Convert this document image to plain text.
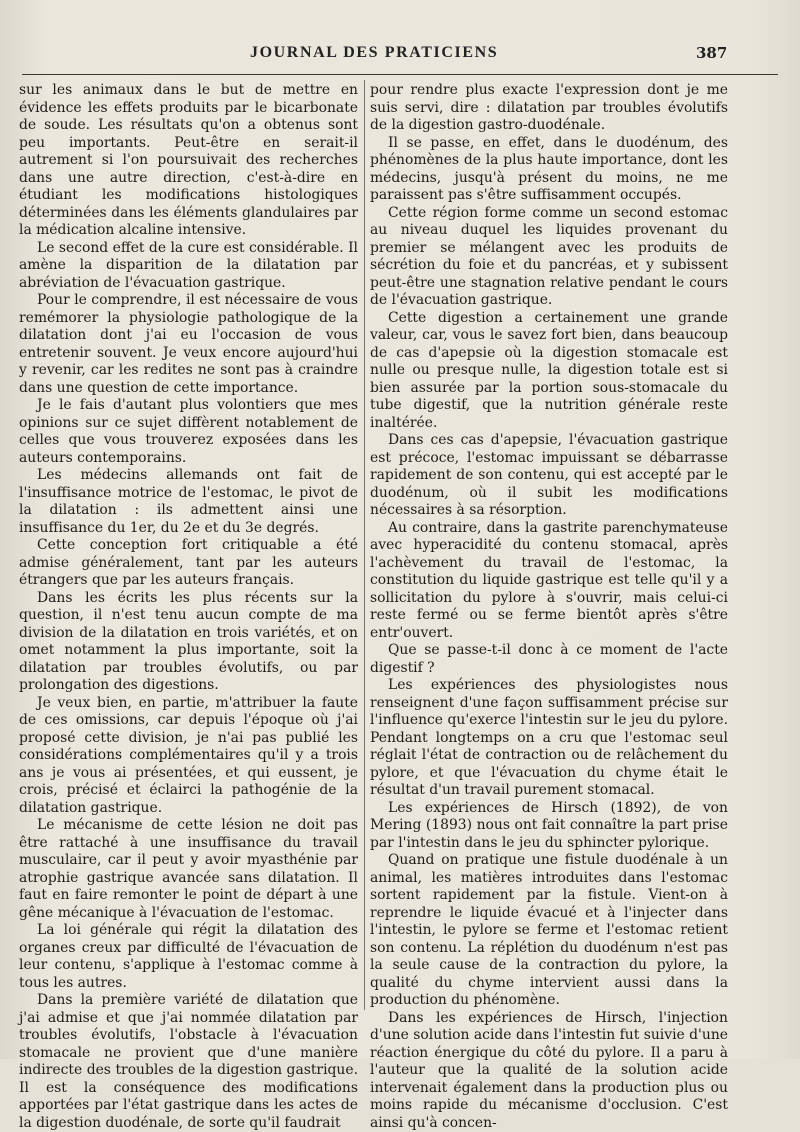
JOURNAL DES PRATICIENS	387

sur les animaux dans le but de mettre en évidence les effets produits par le bicarbonate de soude. Les résultats qu'on a obtenus sont peu importants. Peut-être en serait-il autrement si l'on poursuivait des recherches dans une autre direction, c'est-à-dire en étudiant les modifications histologiques déterminées dans les éléments glandulaires par la médication alcaline intensive.

Le second effet de la cure est considérable. Il amène la disparition de la dilatation par abréviation de l'évacuation gastrique.

Pour le comprendre, il est nécessaire de vous remémorer la physiologie pathologique de la dilatation dont j'ai eu l'occasion de vous entretenir souvent. Je veux encore aujourd'hui y revenir, car les redites ne sont pas à craindre dans une question de cette importance.

Je le fais d'autant plus volontiers que mes opinions sur ce sujet diffèrent notablement de celles que vous trouverez exposées dans les auteurs contemporains.

Les médecins allemands ont fait de l'insuffisance motrice de l'estomac, le pivot de la dilatation : ils admettent ainsi une insuffisance du 1er, du 2e et du 3e degrés.

Cette conception fort critiquable a été admise généralement, tant par les auteurs étrangers que par les auteurs français.

Dans les écrits les plus récents sur la question, il n'est tenu aucun compte de ma division de la dilatation en trois variétés, et on omet notamment la plus importante, soit la dilatation par troubles évolutifs, ou par prolongation des digestions.

Je veux bien, en partie, m'attribuer la faute de ces omissions, car depuis l'époque où j'ai proposé cette division, je n'ai pas publié les considérations complémentaires qu'il y a trois ans je vous ai présentées, et qui eussent, je crois, précisé et éclairci la pathogénie de la dilatation gastrique.

Le mécanisme de cette lésion ne doit pas être rattaché à une insuffisance du travail musculaire, car il peut y avoir myasthénie par atrophie gastrique avancée sans dilatation. Il faut en faire remonter le point de départ à une gêne mécanique à l'évacuation de l'estomac.

La loi générale qui régit la dilatation des organes creux par difficulté de l'évacuation de leur contenu, s'applique à l'estomac comme à tous les autres.

Dans la première variété de dilatation que j'ai admise et que j'ai nommée dilatation par troubles évolutifs, l'obstacle à l'évacuation stomacale ne provient que d'une manière indirecte des troubles de la digestion gastrique. Il est la conséquence des modifications apportées par l'état gastrique dans les actes de la digestion duodénale, de sorte qu'il faudrait

pour rendre plus exacte l'expression dont je me suis servi, dire : dilatation par troubles évolutifs de la digestion gastro-duodénale.

Il se passe, en effet, dans le duodénum, des phénomènes de la plus haute importance, dont les médecins, jusqu'à présent du moins, ne me paraissent pas s'être suffisamment occupés.

Cette région forme comme un second estomac au niveau duquel les liquides provenant du premier se mélangent avec les produits de sécrétion du foie et du pancréas, et y subissent peut-être une stagnation relative pendant le cours de l'évacuation gastrique.

Cette digestion a certainement une grande valeur, car, vous le savez fort bien, dans beaucoup de cas d'apepsie où la digestion stomacale est nulle ou presque nulle, la digestion totale est si bien assurée par la portion sous-stomacale du tube digestif, que la nutrition générale reste inaltérée.

Dans ces cas d'apepsie, l'évacuation gastrique est précoce, l'estomac impuissant se débarrasse rapidement de son contenu, qui est accepté par le duodénum, où il subit les modifications nécessaires à sa résorption.

Au contraire, dans la gastrite parenchymateuse avec hyperacidité du contenu stomacal, après l'achèvement du travail de l'estomac, la constitution du liquide gastrique est telle qu'il y a sollicitation du pylore à s'ouvrir, mais celui-ci reste fermé ou se ferme bientôt après s'être entr'ouvert.

Que se passe-t-il donc à ce moment de l'acte digestif ?

Les expériences des physiologistes nous renseignent d'une façon suffisamment précise sur l'influence qu'exerce l'intestin sur le jeu du pylore. Pendant longtemps on a cru que l'estomac seul réglait l'état de contraction ou de relâchement du pylore, et que l'évacuation du chyme était le résultat d'un travail purement stomacal.

Les expériences de Hirsch (1892), de von Mering (1893) nous ont fait connaître la part prise par l'intestin dans le jeu du sphincter pylorique.

Quand on pratique une fistule duodénale à un animal, les matières introduites dans l'estomac sortent rapidement par la fistule. Vient-on à reprendre le liquide évacué et à l'injecter dans l'intestin, le pylore se ferme et l'estomac retient son contenu. La réplétion du duodénum n'est pas la seule cause de la contraction du pylore, la qualité du chyme intervient aussi dans la production du phénomène.

Dans les expériences de Hirsch, l'injection d'une solution acide dans l'intestin fut suivie d'une réaction énergique du côté du pylore. Il a paru à l'auteur que la qualité de la solution acide intervenait également dans la production plus ou moins rapide du mécanisme d'occlusion. C'est ainsi qu'à concen-
